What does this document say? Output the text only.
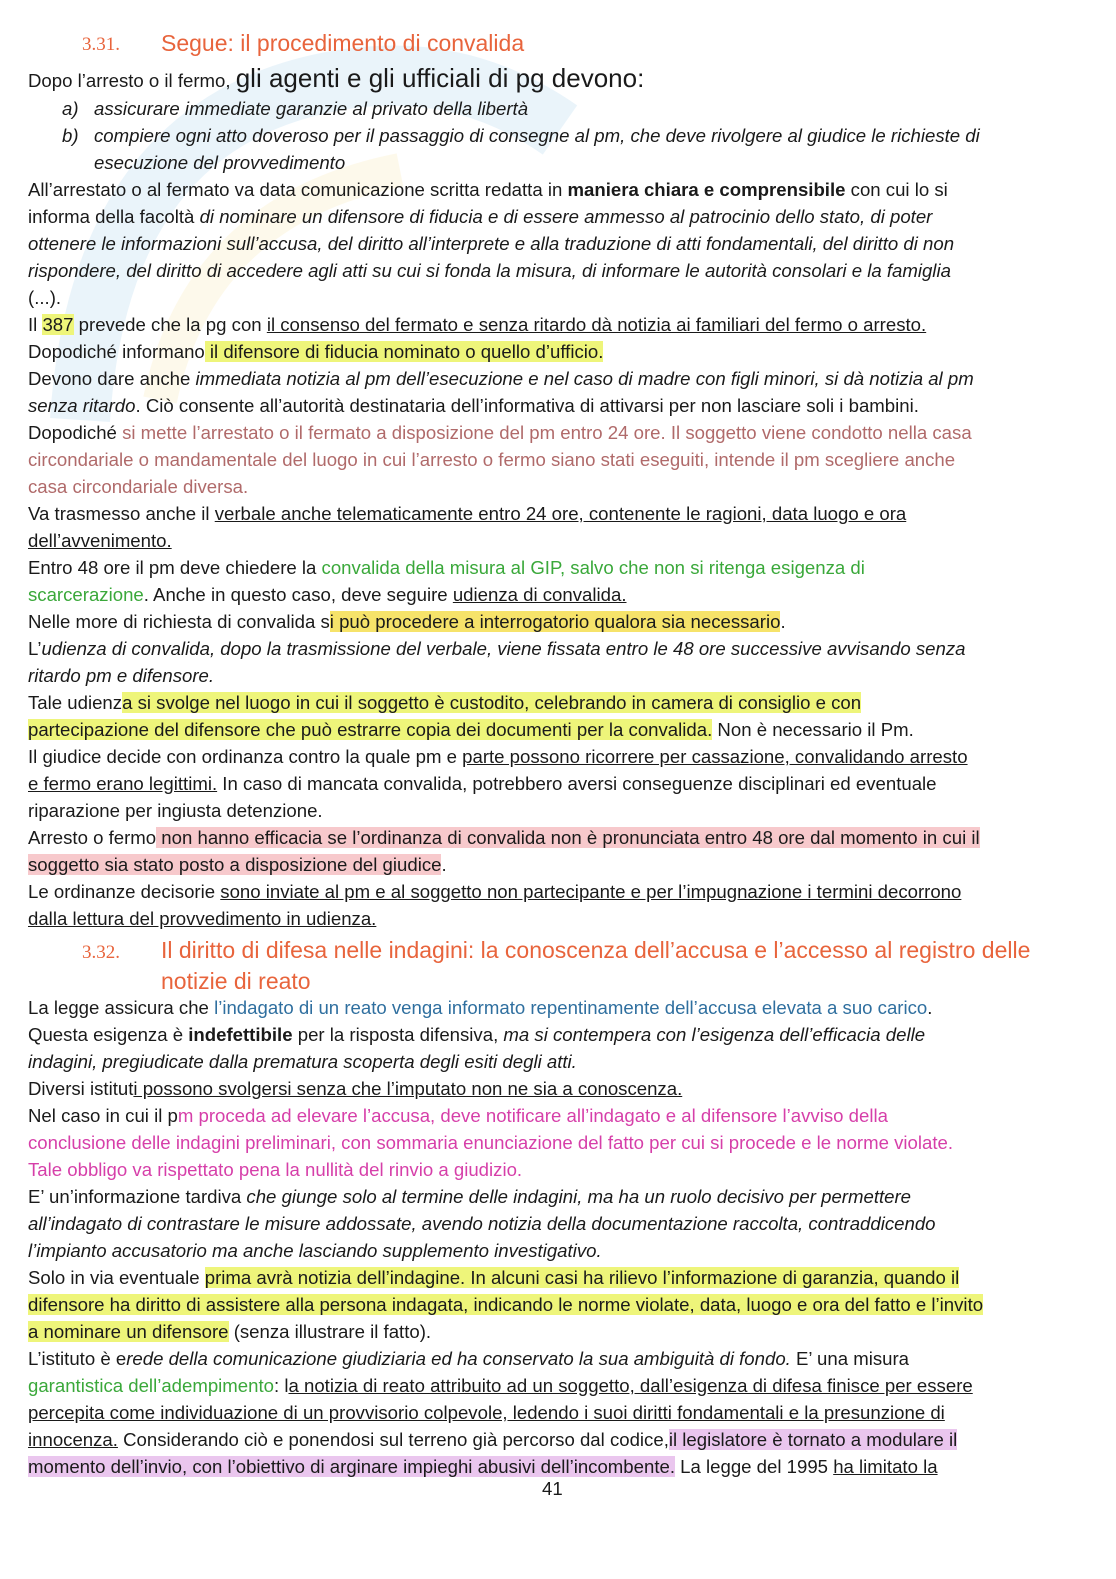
3.31. Segue: il procedimento di convalida
Dopo l’arresto o il fermo, gli agenti e gli ufficiali di pg devono:
a) assicurare immediate garanzie al privato della libertà
b) compiere ogni atto doveroso per il passaggio di consegne al pm, che deve rivolgere al giudice le richieste di
esecuzione del provvedimento
All’arrestato o al fermato va data comunicazione scritta redatta in maniera chiara e comprensibile con cui lo si
informa della facoltà di nominare un difensore di fiducia e di essere ammesso al patrocinio dello stato, di poter
ottenere le informazioni sull’accusa, del diritto all’interprete e alla traduzione di atti fondamentali, del diritto di non
rispondere, del diritto di accedere agli atti su cui si fonda la misura, di informare le autorità consolari e la famiglia
(...).
Il 387 prevede che la pg con il consenso del fermato e senza ritardo dà notizia ai familiari del fermo o arresto.
Dopodiché informano il difensore di fiducia nominato o quello d’ufficio.
Devono dare anche immediata notizia al pm dell’esecuzione e nel caso di madre con figli minori, si dà notizia al pm
senza ritardo. Ciò consente all’autorità destinataria dell’informativa di attivarsi per non lasciare soli i bambini.
Dopodiché si mette l’arrestato o il fermato a disposizione del pm entro 24 ore. Il soggetto viene condotto nella casa
circondariale o mandamentale del luogo in cui l’arresto o fermo siano stati eseguiti, intende il pm scegliere anche
casa circondariale diversa.
Va trasmesso anche il verbale anche telematicamente entro 24 ore, contenente le ragioni, data luogo e ora
dell’avvenimento.
Entro 48 ore il pm deve chiedere la convalida della misura al GIP, salvo che non si ritenga esigenza di
scarcerazione. Anche in questo caso, deve seguire udienza di convalida.
Nelle more di richiesta di convalida si può procedere a interrogatorio qualora sia necessario.
L’udienza di convalida, dopo la trasmissione del verbale, viene fissata entro le 48 ore successive avvisando senza
ritardo pm e difensore.
Tale udienza si svolge nel luogo in cui il soggetto è custodito, celebrando in camera di consiglio e con
partecipazione del difensore che può estrarre copia dei documenti per la convalida. Non è necessario il Pm.
Il giudice decide con ordinanza contro la quale pm e parte possono ricorrere per cassazione, convalidando arresto
e fermo erano legittimi. In caso di mancata convalida, potrebbero aversi conseguenze disciplinari ed eventuale
riparazione per ingiusta detenzione.
Arresto o fermo non hanno efficacia se l’ordinanza di convalida non è pronunciata entro 48 ore dal momento in cui il
soggetto sia stato posto a disposizione del giudice.
Le ordinanze decisorie sono inviate al pm e al soggetto non partecipante e per l’impugnazione i termini decorrono
dalla lettura del provvedimento in udienza.
3.32. Il diritto di difesa nelle indagini: la conoscenza dell’accusa e l’accesso al registro delle
notizie di reato
La legge assicura che l’indagato di un reato venga informato repentinamente dell’accusa elevata a suo carico.
Questa esigenza è indefettibile per la risposta difensiva, ma si contempera con l’esigenza dell’efficacia delle
indagini, pregiudicate dalla prematura scoperta degli esiti degli atti.
Diversi istituti possono svolgersi senza che l’imputato non ne sia a conoscenza.
Nel caso in cui il pm proceda ad elevare l’accusa, deve notificare all’indagato e al difensore l’avviso della
conclusione delle indagini preliminari, con sommaria enunciazione del fatto per cui si procede e le norme violate.
Tale obbligo va rispettato pena la nullità del rinvio a giudizio.
E’ un’informazione tardiva che giunge solo al termine delle indagini, ma ha un ruolo decisivo per permettere
all’indagato di contrastare le misure addossate, avendo notizia della documentazione raccolta, contraddicendo
l’impianto accusatorio ma anche lasciando supplemento investigativo.
Solo in via eventuale prima avrà notizia dell’indagine. In alcuni casi ha rilievo l’informazione di garanzia, quando il
difensore ha diritto di assistere alla persona indagata, indicando le norme violate, data, luogo e ora del fatto e l’invito
a nominare un difensore (senza illustrare il fatto).
L’istituto è erede della comunicazione giudiziaria ed ha conservato la sua ambiguità di fondo. E’ una misura
garantistica dell’adempimento: la notizia di reato attribuito ad un soggetto, dall’esigenza di difesa finisce per essere
percepita come individuazione di un provvisorio colpevole, ledendo i suoi diritti fondamentali e la presunzione di
innocenza. Considerando ciò e ponendosi sul terreno già percorso dal codice,il legislatore è tornato a modulare il
momento dell’invio, con l’obiettivo di arginare impieghi abusivi dell’incombente. La legge del 1995 ha limitato la
41
